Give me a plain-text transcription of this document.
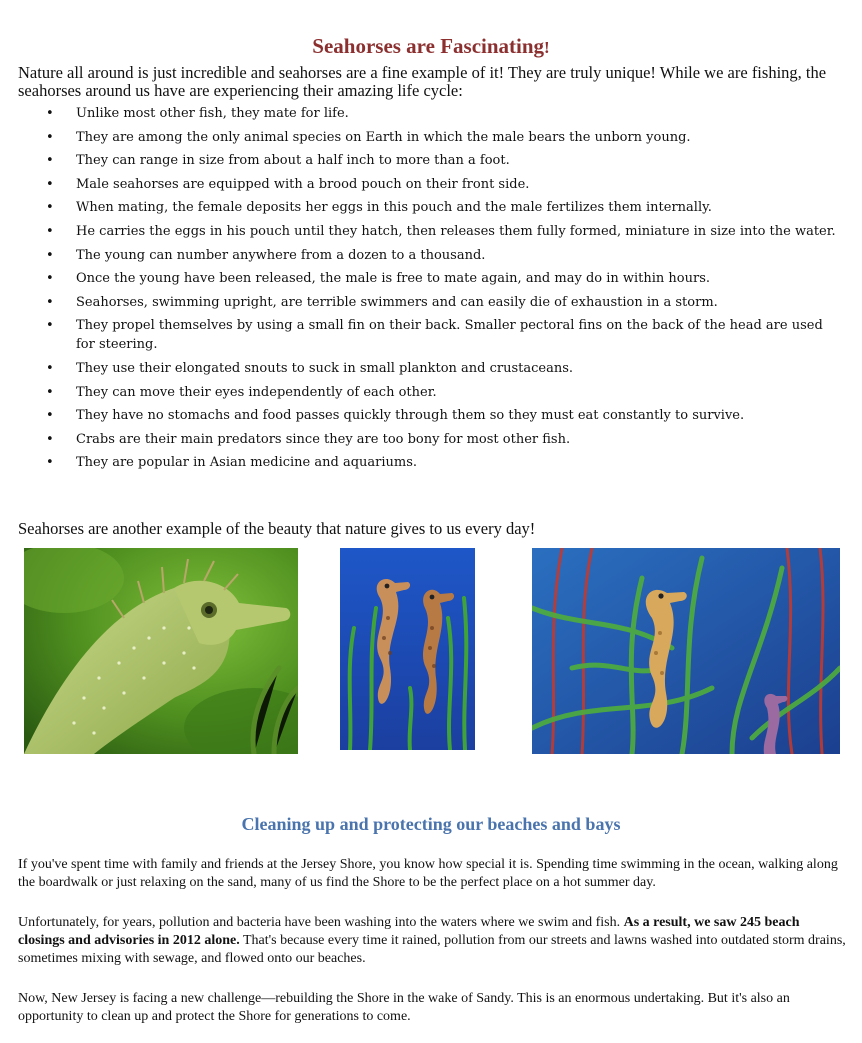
Seahorses are Fascinating!
Nature all around is just incredible and seahorses are a fine example of it! They are truly unique! While we are fishing, the seahorses around us have are experiencing their amazing life cycle:
• Unlike most other fish, they mate for life.
• They are among the only animal species on Earth in which the male bears the unborn young.
• They can range in size from about a half inch to more than a foot.
• Male seahorses are equipped with a brood pouch on their front side.
• When mating, the female deposits her eggs in this pouch and the male fertilizes them internally.
• He carries the eggs in his pouch until they hatch, then releases them fully formed, miniature in size into the water.
• The young can number anywhere from a dozen to a thousand.
• Once the young have been released, the male is free to mate again, and may do in within hours.
• Seahorses, swimming upright, are terrible swimmers and can easily die of exhaustion in a storm.
• They propel themselves by using a small fin on their back. Smaller pectoral fins on the back of the head are used for steering.
• They use their elongated snouts to suck in small plankton and crustaceans.
• They can move their eyes independently of each other.
• They have no stomachs and food passes quickly through them so they must eat constantly to survive.
• Crabs are their main predators since they are too bony for most other fish.
• They are popular in Asian medicine and aquariums.
Seahorses are another example of the beauty that nature gives to us every day!
Cleaning up and protecting our beaches and bays
If you've spent time with family and friends at the Jersey Shore, you know how special it is. Spending time swimming in the ocean, walking along the boardwalk or just relaxing on the sand, many of us find the Shore to be the perfect place on a hot summer day.
Unfortunately, for years, pollution and bacteria have been washing into the waters where we swim and fish. As a result, we saw 245 beach closings and advisories in 2012 alone. That's because every time it rained, pollution from our streets and lawns washed into outdated storm drains, sometimes mixing with sewage, and flowed onto our beaches.
Now, New Jersey is facing a new challenge—rebuilding the Shore in the wake of Sandy. This is an enormous undertaking. But it's also an opportunity to clean up and protect the Shore for generations to come.
